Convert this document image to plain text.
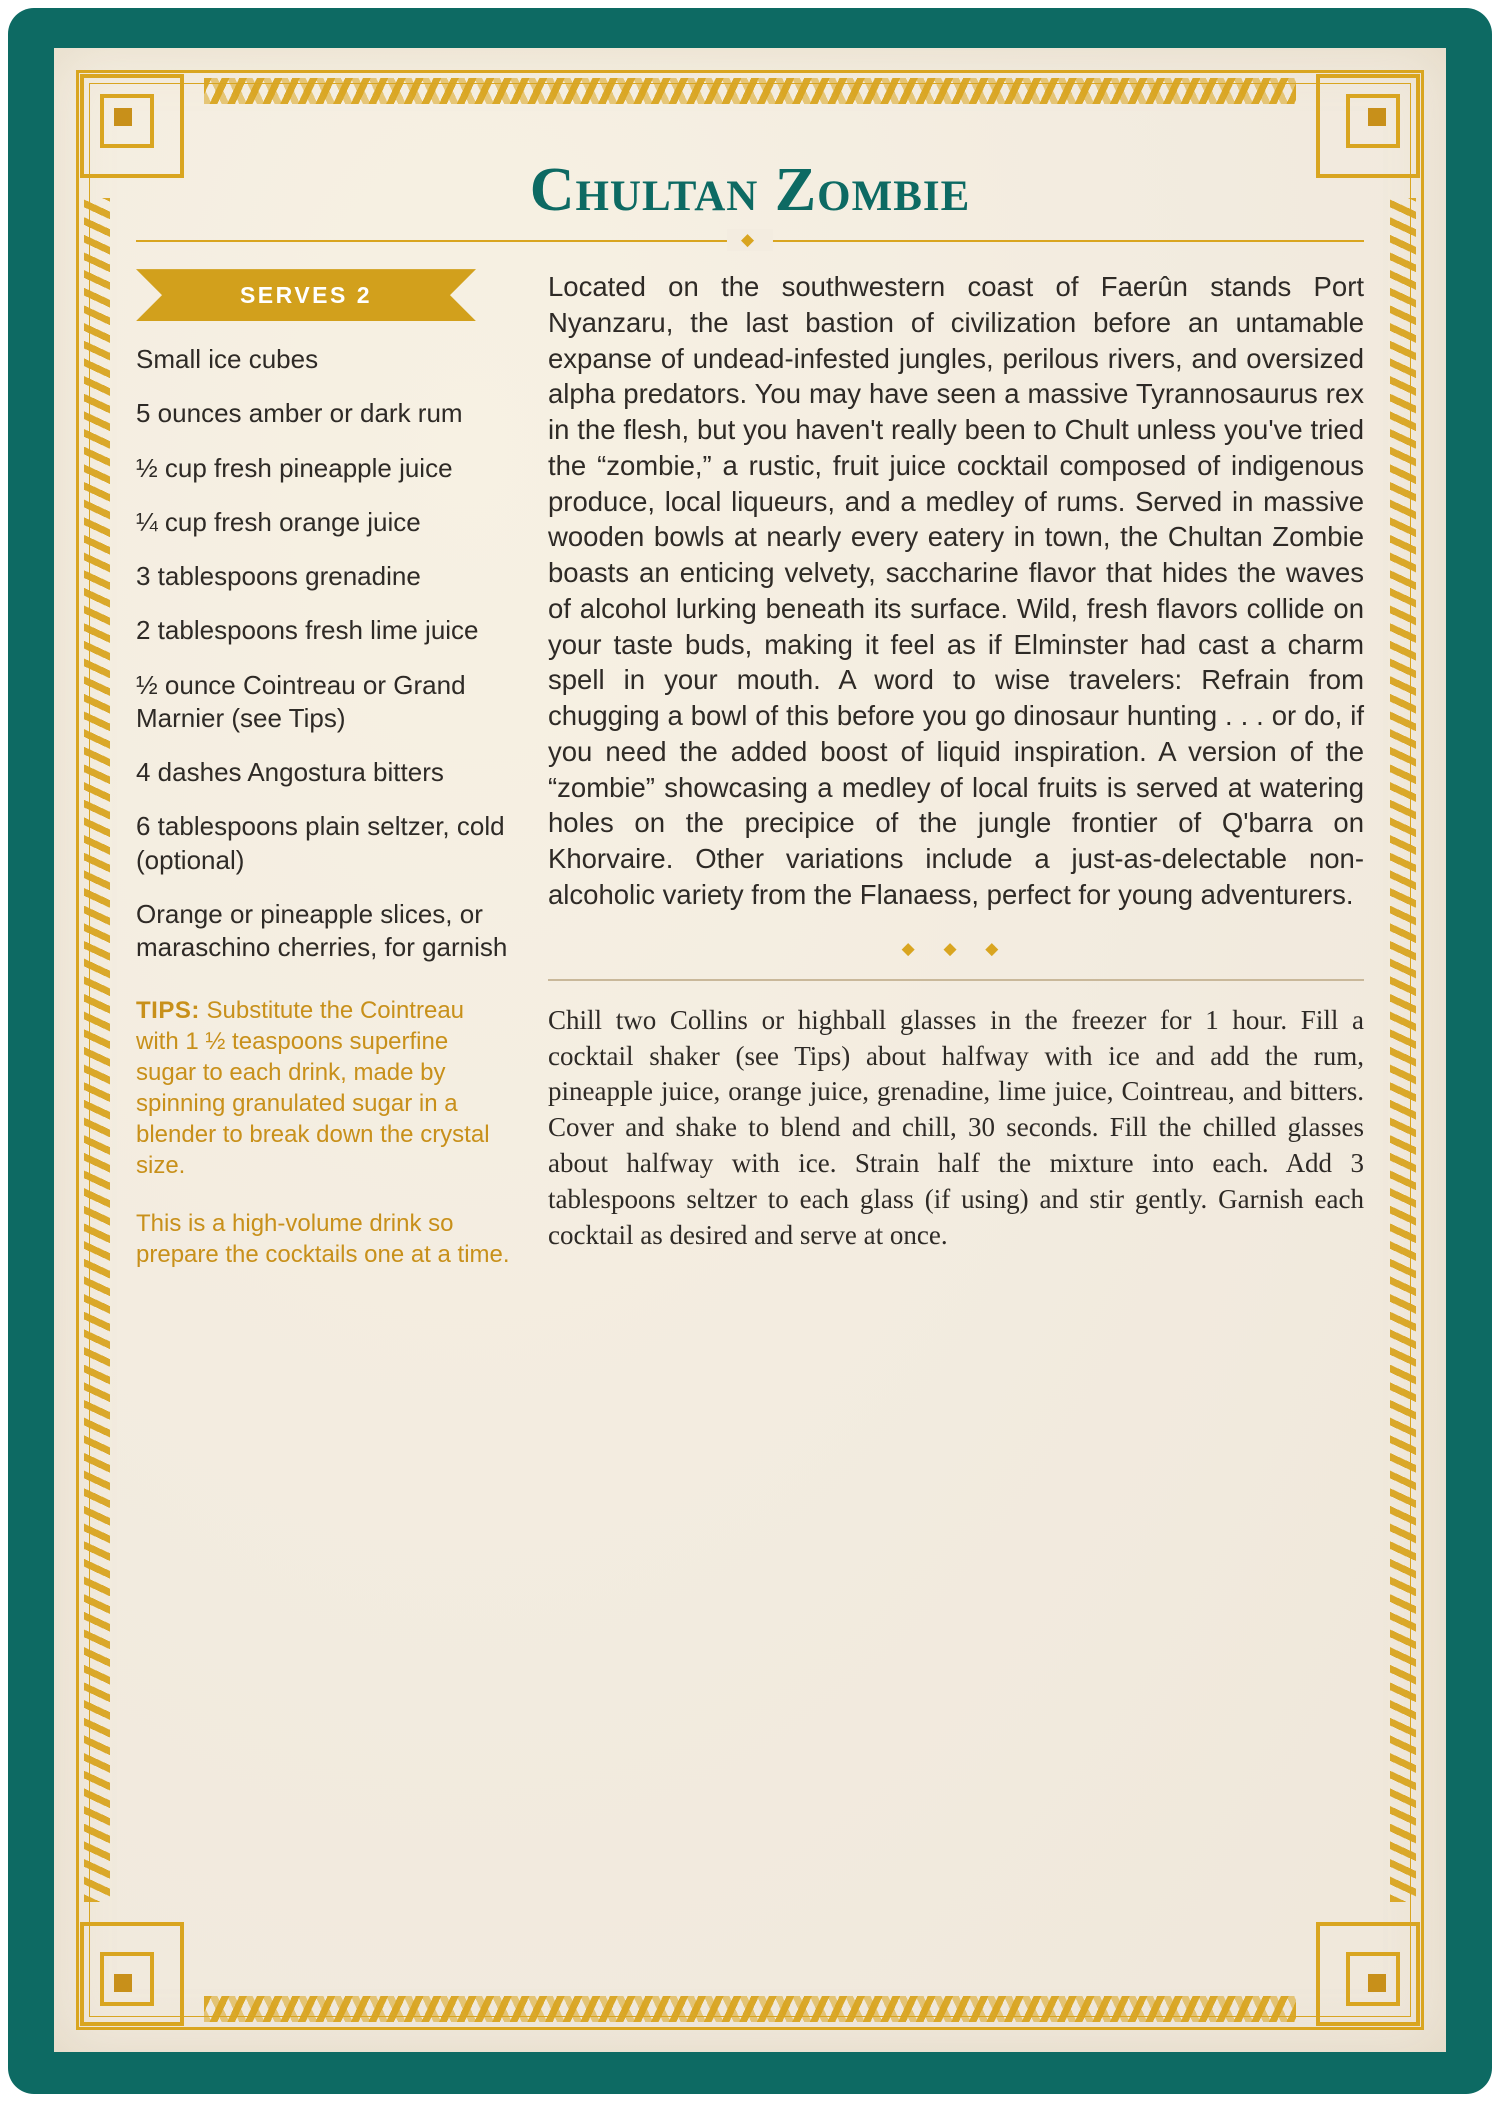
Chultan Zombie
◆
SERVES 2
Small ice cubes
5 ounces amber or dark rum
½ cup fresh pineapple juice
¼ cup fresh orange juice
3 tablespoons grenadine
2 tablespoons fresh lime juice
½ ounce Cointreau or Grand Marnier (see Tips)
4 dashes Angostura bitters
6 tablespoons plain seltzer, cold (optional)
Orange or pineapple slices, or maraschino cherries, for garnish

TIPS: Substitute the Cointreau with 1 ½ teaspoons superfine sugar to each drink, made by spinning granulated sugar in a blender to break down the crystal size.

This is a high-volume drink so prepare the cocktails one at a time.

Located on the southwestern coast of Faerûn stands Port Nyanzaru, the last bastion of civilization before an untamable expanse of undead-infested jungles, perilous rivers, and oversized alpha predators. You may have seen a massive Tyrannosaurus rex in the flesh, but you haven't really been to Chult unless you've tried the “zombie,” a rustic, fruit juice cocktail composed of indigenous produce, local liqueurs, and a medley of rums. Served in massive wooden bowls at nearly every eatery in town, the Chultan Zombie boasts an enticing velvety, saccharine flavor that hides the waves of alcohol lurking beneath its surface. Wild, fresh flavors collide on your taste buds, making it feel as if Elminster had cast a charm spell in your mouth. A word to wise travelers: Refrain from chugging a bowl of this before you go dinosaur hunting . . . or do, if you need the added boost of liquid inspiration. A version of the “zombie” showcasing a medley of local fruits is served at watering holes on the precipice of the jungle frontier of Q'barra on Khorvaire. Other variations include a just-as-delectable non-alcoholic variety from the Flanaess, perfect for young adventurers.

◆ ◆ ◆

Chill two Collins or highball glasses in the freezer for 1 hour. Fill a cocktail shaker (see Tips) about halfway with ice and add the rum, pineapple juice, orange juice, grenadine, lime juice, Cointreau, and bitters. Cover and shake to blend and chill, 30 seconds. Fill the chilled glasses about halfway with ice. Strain half the mixture into each. Add 3 tablespoons seltzer to each glass (if using) and stir gently. Garnish each cocktail as desired and serve at once.
